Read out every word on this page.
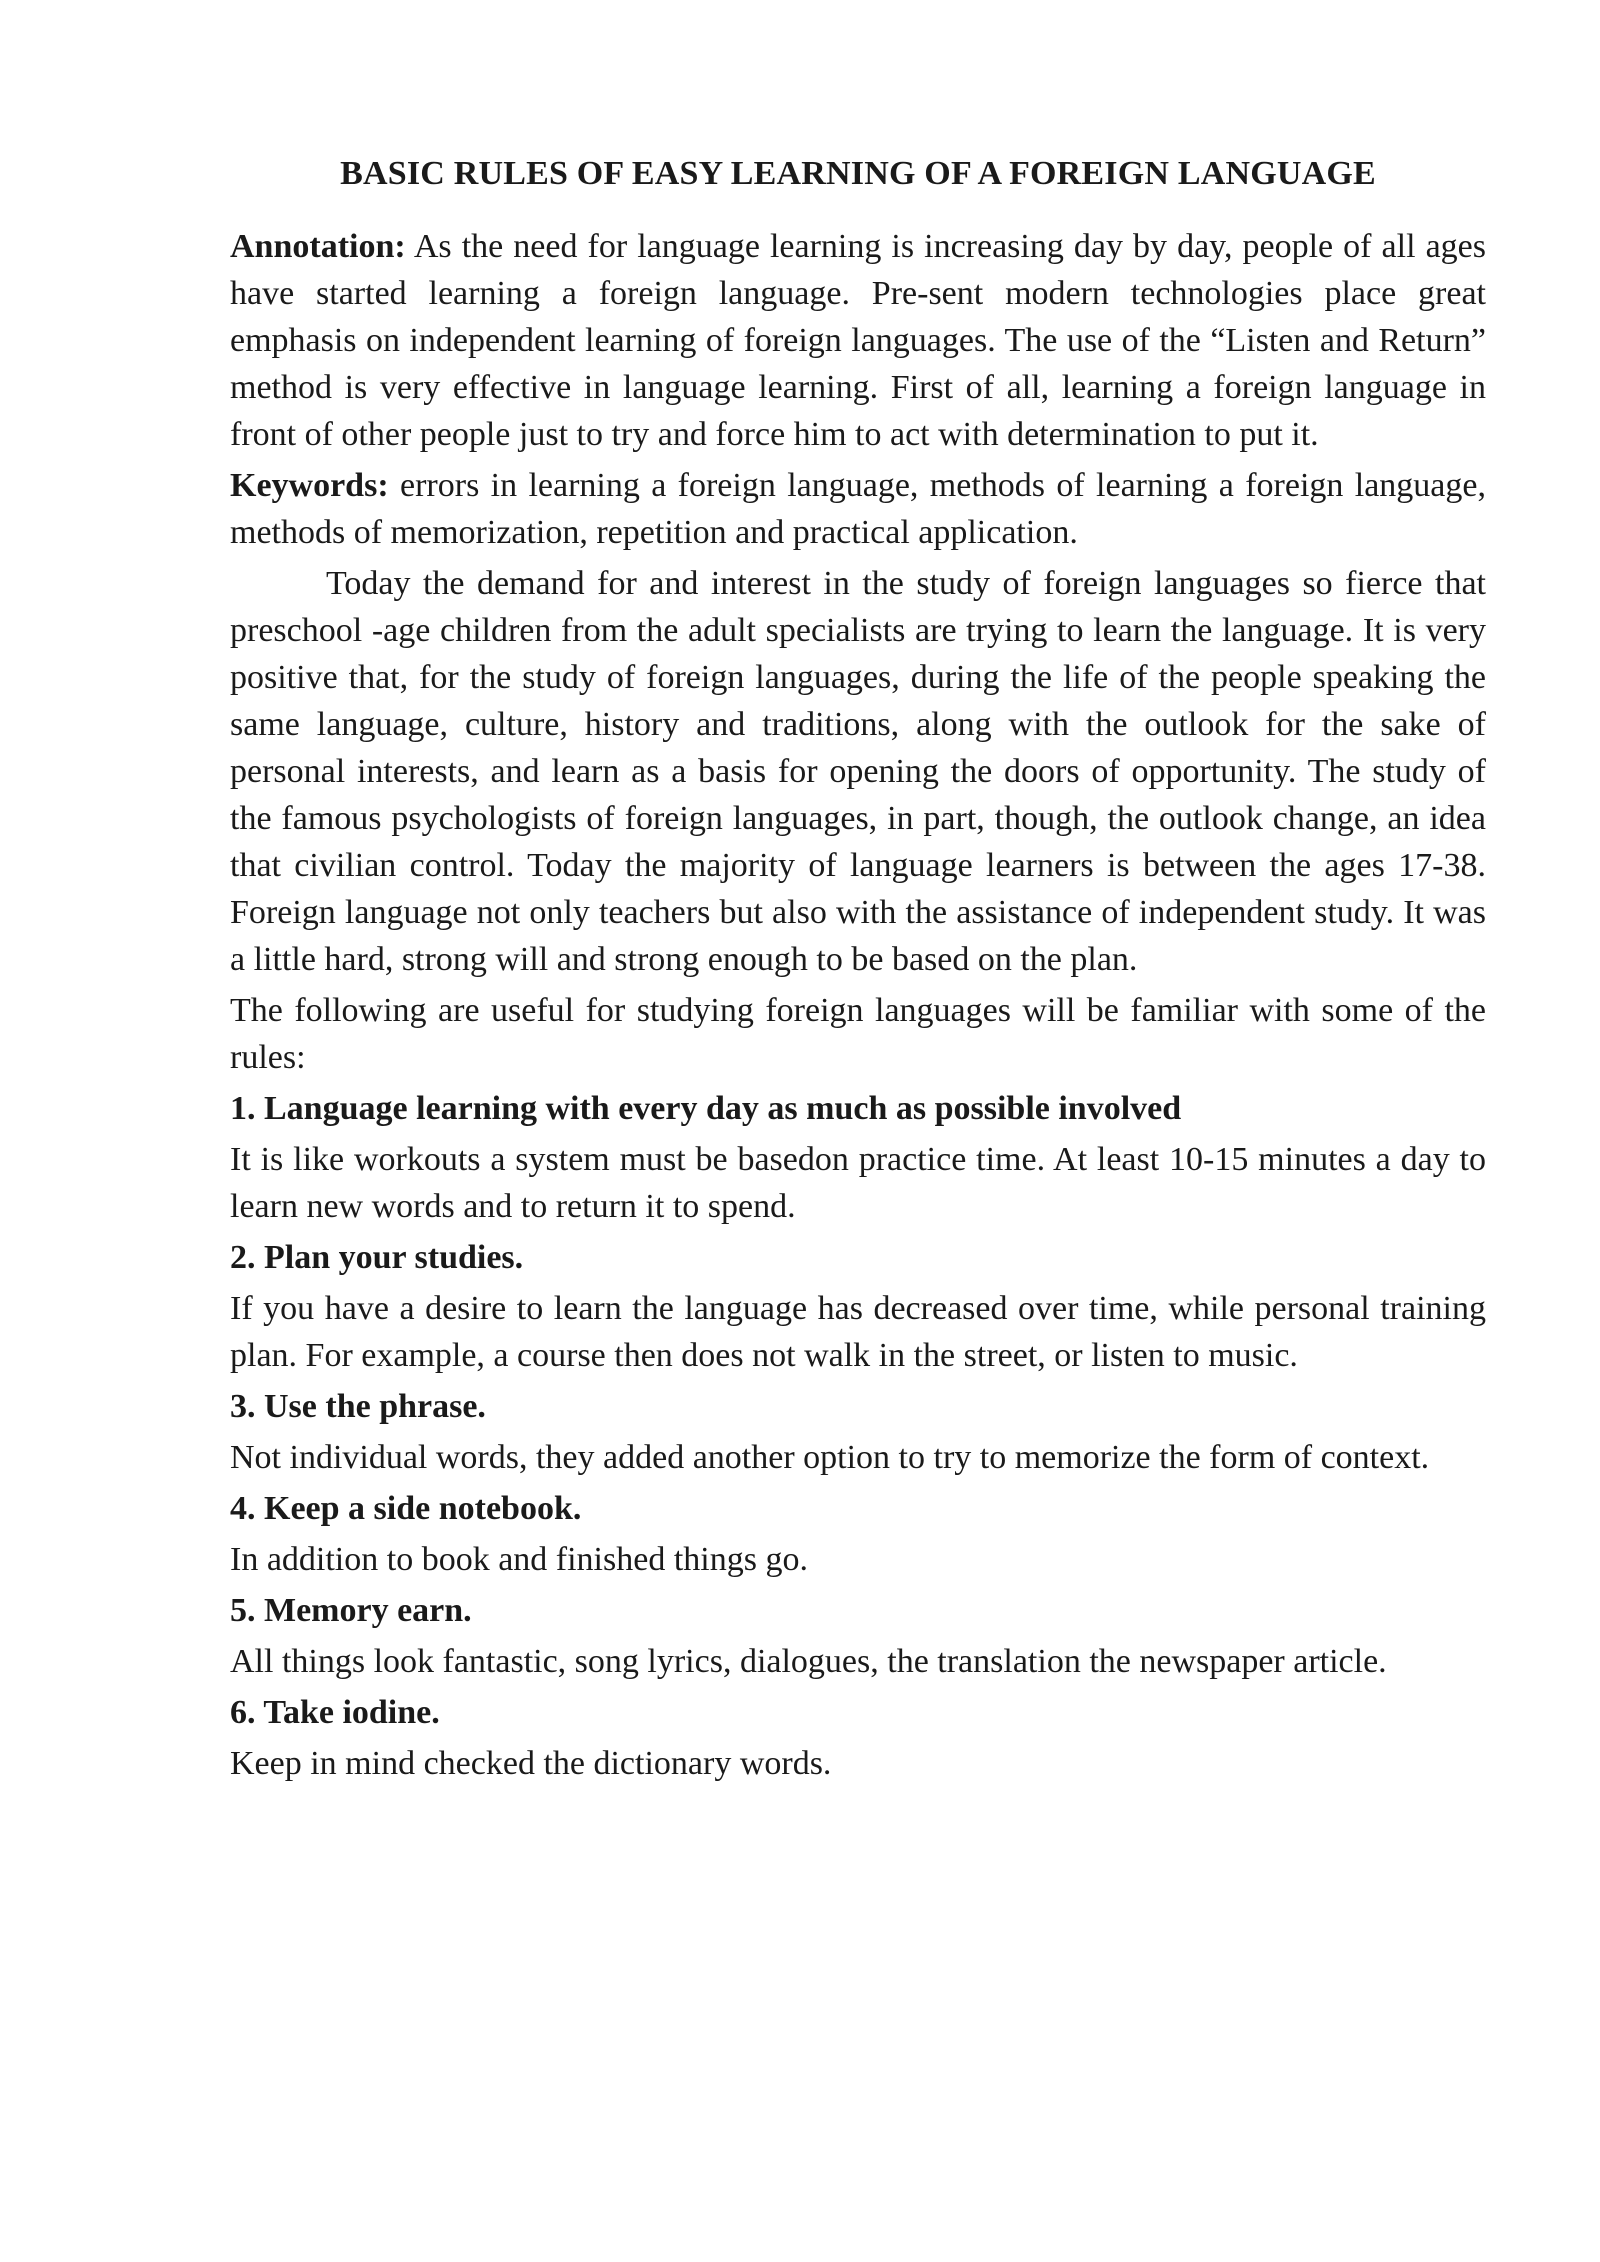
BASIC RULES OF EASY LEARNING OF A FOREIGN LANGUAGE

Annotation: As the need for language learning is increasing day by day, people of all ages have started learning a foreign language. Pre-sent modern technologies place great emphasis on independent learning of foreign languages. The use of the “Listen and Return” method is very effective in language learning. First of all, learning a foreign language in front of other people just to try and force him to act with determination to put it.

Keywords: errors in learning a foreign language, methods of learning a foreign language, methods of memorization, repetition and practical application.

Today the demand for and interest in the study of foreign languages so fierce that preschool -age children from the adult specialists are trying to learn the language. It is very positive that, for the study of foreign languages, during the life of the people speaking the same language, culture, history and traditions, along with the outlook for the sake of personal interests, and learn as a basis for opening the doors of opportunity. The study of the famous psychologists of foreign languages, in part, though, the outlook change, an idea that civilian control. Today the majority of language learners is between the ages 17-38. Foreign language not only teachers but also with the assistance of independent study. It was a little hard, strong will and strong enough to be based on the plan.

The following are useful for studying foreign languages will be familiar with some of the rules:

1. Language learning with every day as much as possible involved

It is like workouts a system must be basedon practice time. At least 10-15 minutes a day to learn new words and to return it to spend.

2. Plan your studies.

If you have a desire to learn the language has decreased over time, while personal training plan. For example, a course then does not walk in the street, or listen to music.

3. Use the phrase.

Not individual words, they added another option to try to memorize the form of context.

4. Keep a side notebook.

In addition to book and finished things go.

5. Memory earn.

All things look fantastic, song lyrics, dialogues, the translation the newspaper article.

6. Take iodine.

Keep in mind checked the dictionary words.
